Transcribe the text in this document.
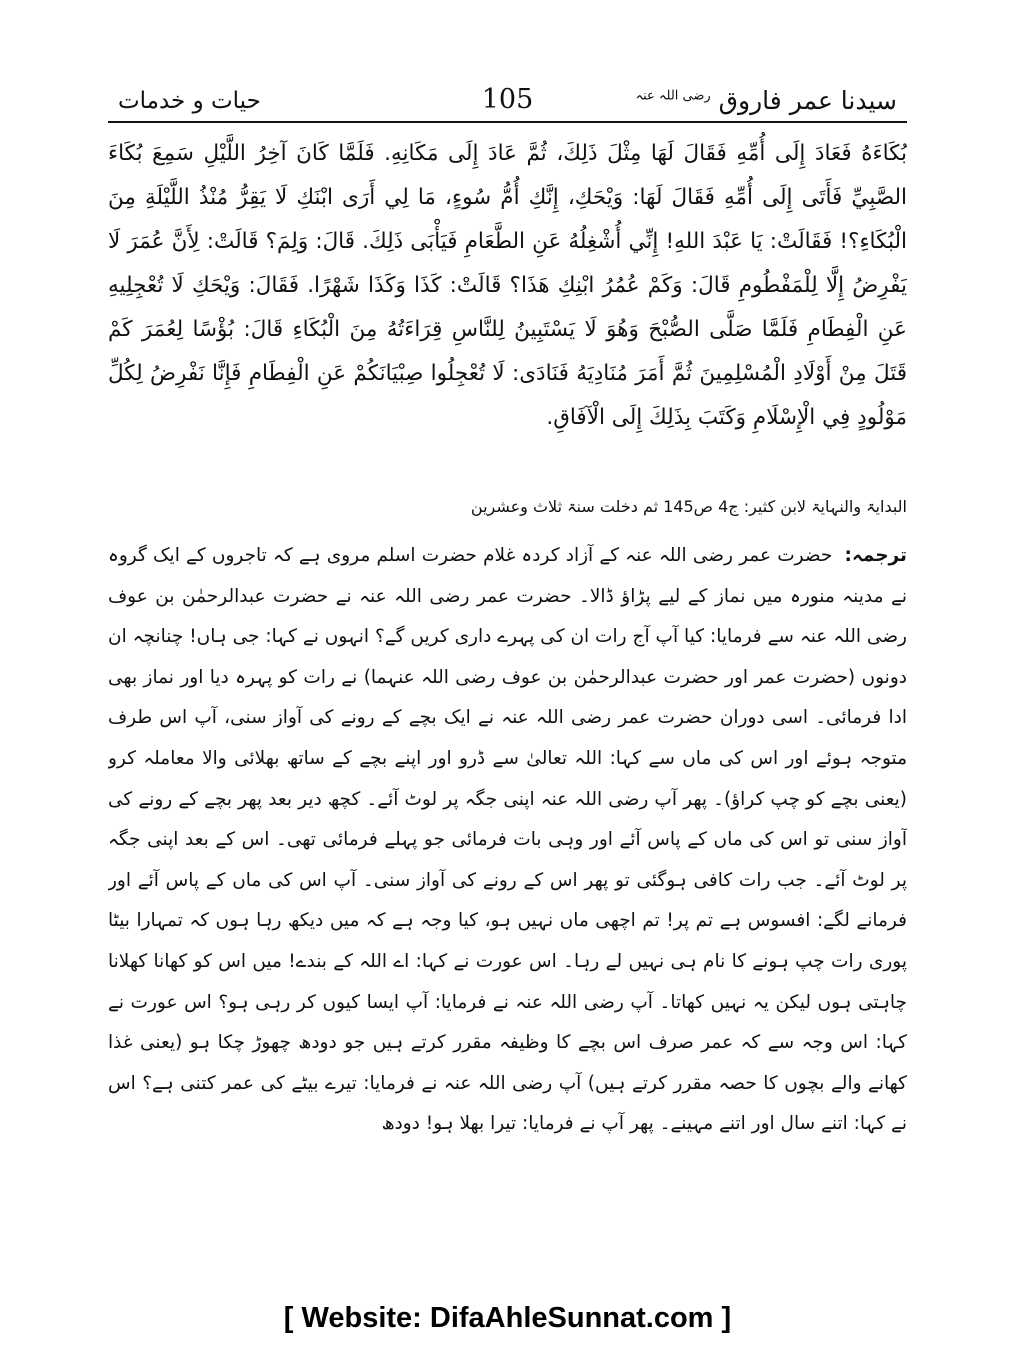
سیدنا عمر فاروق $^{رضی اللہ عنہ}$
105
حیات و خدمات
بُكَاءَهُ فَعَادَ إِلَى أُمِّهِ فَقَالَ لَهَا مِثْلَ ذَلِكَ، ثُمَّ عَادَ إِلَى مَكَانِهِ. فَلَمَّا كَانَ آخِرُ اللَّيْلِ سَمِعَ بُكَاءَ الصَّبِيِّ فَأَتَى إِلَى أُمِّهِ فَقَالَ لَهَا: وَيْحَكِ، إِنَّكِ أُمُّ سُوءٍ، مَا لِي أَرَى ابْنَكِ لَا يَقِرُّ مُنْذُ اللَّيْلَةِ مِنَ الْبُكَاءِ؟! فَقَالَتْ: يَا عَبْدَ اللهِ! إِنِّي أُشْغِلُهُ عَنِ الطَّعَامِ فَيَأْبَى ذَلِكَ. قَالَ: وَلِمَ؟ قَالَتْ: لِأَنَّ عُمَرَ لَا يَفْرِضُ إِلَّا لِلْمَفْطُومِ قَالَ: وَكَمْ عُمُرُ ابْنِكِ هَذَا؟ قَالَتْ: كَذَا وَكَذَا شَهْرًا. فَقَالَ: وَيْحَكِ لَا تُعْجِلِيهِ عَنِ الْفِطَامِ فَلَمَّا صَلَّى الصُّبْحَ وَهُوَ لَا يَسْتَبِينُ لِلنَّاسِ قِرَاءَتُهُ مِنَ الْبُكَاءِ قَالَ: بُؤْسًا لِعُمَرَ كَمْ قَتَلَ مِنْ أَوْلَادِ الْمُسْلِمِينَ ثُمَّ أَمَرَ مُنَادِيَهُ فَنَادَى: لَا تُعْجِلُوا صِبْيَانَكُمْ عَنِ الْفِطَامِ فَإِنَّا نَفْرِضُ لِكُلِّ مَوْلُودٍ فِي الْإِسْلَامِ وَكَتَبَ بِذَلِكَ إِلَى الْآفَاقِ.
البدایۃ والنہایۃ لابن کثیر: ج4 ص145 ثم دخلت سنۃ ثلاث وعشرین
ترجمہ: حضرت عمر رضی اللہ عنہ کے آزاد کردہ غلام حضرت اسلم مروی ہے کہ تاجروں کے ایک گروہ نے مدینہ منورہ میں نماز کے لیے پڑاؤ ڈالا۔ حضرت عمر رضی اللہ عنہ نے حضرت عبدالرحمٰن بن عوف رضی اللہ عنہ سے فرمایا: کیا آپ آج رات ان کی پہرے داری کریں گے؟ انہوں نے کہا: جی ہاں! چنانچہ ان دونوں (حضرت عمر اور حضرت عبدالرحمٰن بن عوف رضی اللہ عنہما) نے رات کو پہرہ دیا اور نماز بھی ادا فرمائی۔ اسی دوران حضرت عمر رضی اللہ عنہ نے ایک بچے کے رونے کی آواز سنی، آپ اس طرف متوجہ ہوئے اور اس کی ماں سے کہا: اللہ تعالیٰ سے ڈرو اور اپنے بچے کے ساتھ بھلائی والا معاملہ کرو (یعنی بچے کو چپ کراؤ)۔ پھر آپ رضی اللہ عنہ اپنی جگہ پر لوٹ آئے۔ کچھ دیر بعد پھر بچے کے رونے کی آواز سنی تو اس کی ماں کے پاس آئے اور وہی بات فرمائی جو پہلے فرمائی تھی۔ اس کے بعد اپنی جگہ پر لوٹ آئے۔ جب رات کافی ہوگئی تو پھر اس کے رونے کی آواز سنی۔ آپ اس کی ماں کے پاس آئے اور فرمانے لگے: افسوس ہے تم پر! تم اچھی ماں نہیں ہو، کیا وجہ ہے کہ میں دیکھ رہا ہوں کہ تمہارا بیٹا پوری رات چپ ہونے کا نام ہی نہیں لے رہا۔ اس عورت نے کہا: اے اللہ کے بندے! میں اس کو کھانا کھلانا چاہتی ہوں لیکن یہ نہیں کھاتا۔ آپ رضی اللہ عنہ نے فرمایا: آپ ایسا کیوں کر رہی ہو؟ اس عورت نے کہا: اس وجہ سے کہ عمر صرف اس بچے کا وظیفہ مقرر کرتے ہیں جو دودھ چھوڑ چکا ہو (یعنی غذا کھانے والے بچوں کا حصہ مقرر کرتے ہیں) آپ رضی اللہ عنہ نے فرمایا: تیرے بیٹے کی عمر کتنی ہے؟ اس نے کہا: اتنے سال اور اتنے مہینے۔ پھر آپ نے فرمایا: تیرا بھلا ہو! دودھ
[ Website: DifaAhleSunnat.com ]
